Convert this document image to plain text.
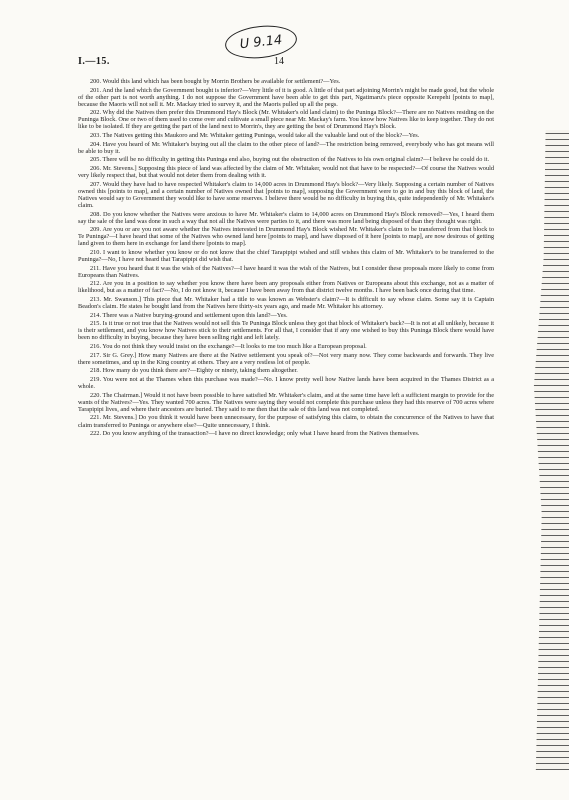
U 9.14
I.—15.	14

200. Would this land which has been bought by Morrin Brothers be available for settlement?—Yes.

201. And the land which the Government bought is inferior?—Very little of it is good. A little of that part adjoining Morrin's might be made good, but the whole of the other part is not worth anything. I do not suppose the Government have been able to get this part, Ngatimaru's piece opposite Kerepehi [points to map], because the Maoris will not sell it. Mr. Mackay tried to survey it, and the Maoris pulled up all the pegs.

202. Why did the Natives then prefer this Drummond Hay's Block (Mr. Whitaker's old land claim) to the Puninga Block?—There are no Natives residing on the Puninga Block. One or two of them used to come over and cultivate a small piece near Mr. Mackay's farm. You know how Natives like to keep together. They do not like to be isolated. If they are getting the part of the land next to Morrin's, they are getting the best of Drummond Hay's Block.

203. The Natives getting this Maukoro and Mr. Whitaker getting Puninga, would take all the valuable land out of the block?—Yes.

204. Have you heard of Mr. Whitaker's buying out all the claim to the other piece of land?—The restriction being removed, everybody who has got means will be able to buy it.

205. There will be no difficulty in getting this Puninga end also, buying out the obstruction of the Natives to his own original claim?—I believe he could do it.

206. Mr. Stevens.] Supposing this piece of land was affected by the claim of Mr. Whitaker, would not that have to be respected?—Of course the Natives would very likely respect that, but that would not deter them from dealing with it.

207. Would they have had to have respected Whitaker's claim to 14,000 acres in Drummond Hay's block?—Very likely. Supposing a certain number of Natives owned this [points to map], and a certain number of Natives owned that [points to map], supposing the Government were to go in and buy this block of land, the Natives would say to Government they would like to have some reserves. I believe there would be no difficulty in buying this, quite independently of Mr. Whitaker's claim.

208. Do you know whether the Natives were anxious to have Mr. Whitaker's claim to 14,000 acres on Drummond Hay's Block removed?—Yes, I heard them say the sale of the land was done in such a way that not all the Natives were parties to it, and there was more land being disposed of than they thought was right.

209. Are you or are you not aware whether the Natives interested in Drummond Hay's Block wished Mr. Whitaker's claim to be transferred from that block to Te Puninga?—I have heard that some of the Natives who owned land here [points to map], and have disposed of it here [points to map], are now desirous of getting land given to them here in exchange for land there [points to map].

210. I want to know whether you know or do not know that the chief Tarapipipi wished and still wishes this claim of Mr. Whitaker's to be transferred to the Puninga?—No, I have not heard that Tarapipipi did wish that.

211. Have you heard that it was the wish of the Natives?—I have heard it was the wish of the Natives, but I consider these proposals more likely to come from Europeans than Natives.

212. Are you in a position to say whether you know there have been any proposals either from Natives or Europeans about this exchange, not as a matter of likelihood, but as a matter of fact?—No, I do not know it, because I have been away from that district twelve months. I have been back once during that time.

213. Mr. Swanson.] This piece that Mr. Whitaker had a title to was known as Webster's claim?—It is difficult to say whose claim. Some say it is Captain Beadon's claim. He states he bought land from the Natives here thirty-six years ago, and made Mr. Whitaker his attorney.

214. There was a Native burying-ground and settlement upon this land?—Yes.

215. Is it true or not true that the Natives would not sell this Te Puninga Block unless they got that block of Whitaker's back?—It is not at all unlikely, because it is their settlement, and you know how Natives stick to their settlements. For all that, I consider that if any one wished to buy this Puninga Block there would have been no difficulty in buying, because they have been selling right and left lately.

216. You do not think they would insist on the exchange?—It looks to me too much like a European proposal.

217. Sir G. Grey.] How many Natives are there at the Native settlement you speak of?—Not very many now. They come backwards and forwards. They live there sometimes, and up in the King country at others. They are a very restless lot of people.

218. How many do you think there are?—Eighty or ninety, taking them altogether.

219. You were not at the Thames when this purchase was made?—No. I know pretty well how Native lands have been acquired in the Thames District as a whole.

220. The Chairman.] Would it not have been possible to have satisfied Mr. Whitaker's claim, and at the same time have left a sufficient margin to provide for the wants of the Natives?—Yes. They wanted 700 acres. The Natives were saying they would not complete this purchase unless they had this reserve of 700 acres where Tarapipipi lives, and where their ancestors are buried. They said to me then that the sale of this land was not completed.

221. Mr. Stevens.] Do you think it would have been unnecessary, for the purpose of satisfying this claim, to obtain the concurrence of the Natives to have that claim transferred to Puninga or anywhere else?—Quite unnecessary, I think.

222. Do you know anything of the transaction?—I have no direct knowledge; only what I have heard from the Natives themselves.
